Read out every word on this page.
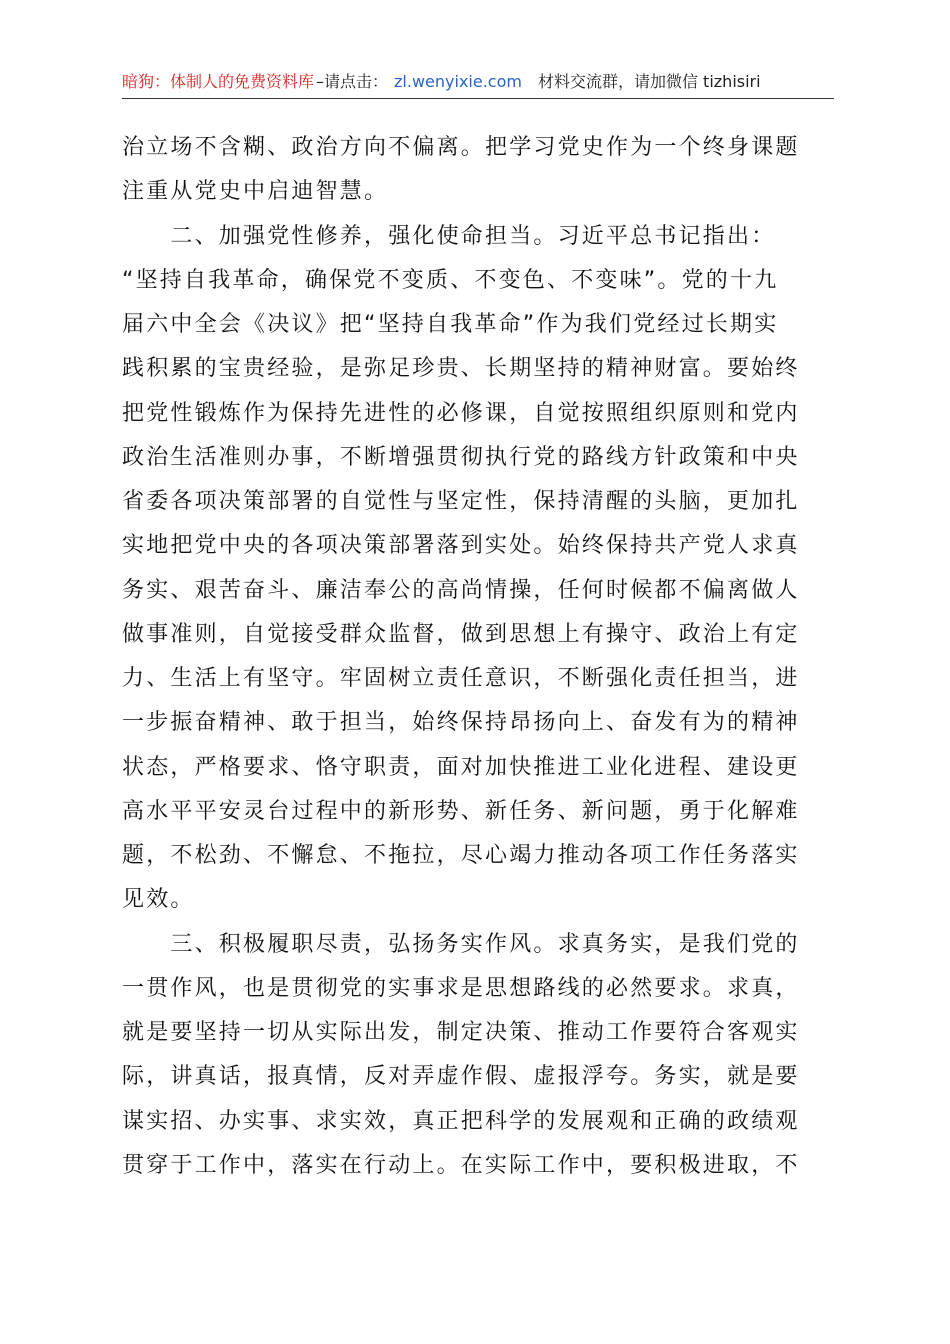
暗狗：体制人的免费资料库 –请点击： zl.wenyixie.com 材料交流群，请加微信 tizhisiri
治立场不含糊、政治方向不偏离。把学习党史作为一个终身课题
注重从党史中启迪智慧。
　　二、加强党性修养，强化使命担当。习近平总书记指出：
“坚持自我革命，确保党不变质、不变色、不变味”。党的十九
届六中全会《决议》把“坚持自我革命”作为我们党经过长期实
践积累的宝贵经验，是弥足珍贵、长期坚持的精神财富。要始终
把党性锻炼作为保持先进性的必修课，自觉按照组织原则和党内
政治生活准则办事，不断增强贯彻执行党的路线方针政策和中央
省委各项决策部署的自觉性与坚定性，保持清醒的头脑，更加扎
实地把党中央的各项决策部署落到实处。始终保持共产党人求真
务实、艰苦奋斗、廉洁奉公的高尚情操，任何时候都不偏离做人
做事准则，自觉接受群众监督，做到思想上有操守、政治上有定
力、生活上有坚守。牢固树立责任意识，不断强化责任担当，进
一步振奋精神、敢于担当，始终保持昂扬向上、奋发有为的精神
状态，严格要求、恪守职责，面对加快推进工业化进程、建设更
高水平平安灵台过程中的新形势、新任务、新问题，勇于化解难
题，不松劲、不懈怠、不拖拉，尽心竭力推动各项工作任务落实
见效。
　　三、积极履职尽责，弘扬务实作风。求真务实，是我们党的
一贯作风，也是贯彻党的实事求是思想路线的必然要求。求真，
就是要坚持一切从实际出发，制定决策、推动工作要符合客观实
际，讲真话，报真情，反对弄虚作假、虚报浮夸。务实，就是要
谋实招、办实事、求实效，真正把科学的发展观和正确的政绩观
贯穿于工作中，落实在行动上。在实际工作中，要积极进取，不
